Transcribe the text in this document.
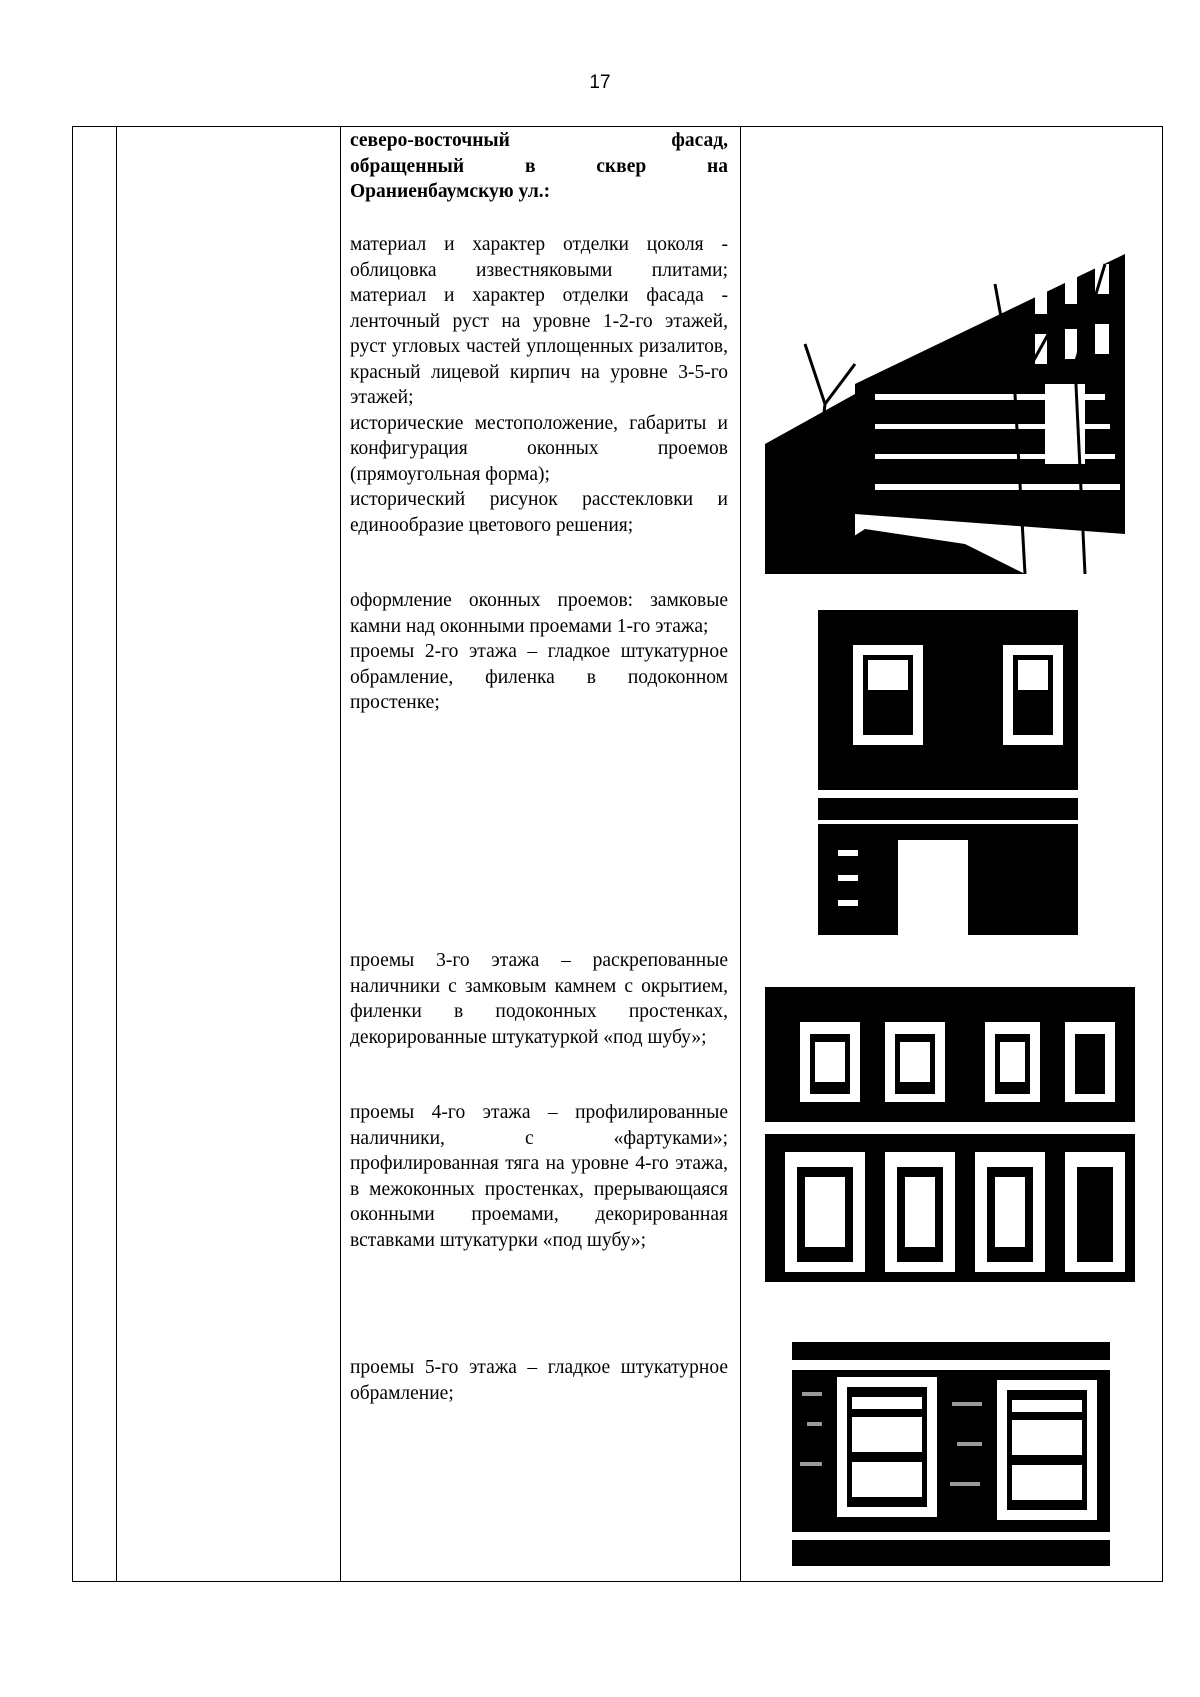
17

северо-восточный фасад,

обращенный в сквер на

Ораниенбаумскую ул.:

материал и характер отделки цоколя - облицовка известняковыми плитами; материал и характер отделки фасада - ленточный руст на уровне 1-2-го этажей, руст угловых частей уплощенных ризалитов, красный лицевой кирпич на уровне 3-5-го этажей;

исторические местоположение, габариты и конфигурация оконных проемов (прямоугольная форма);

исторический рисунок расстекловки и единообразие цветового решения;

оформление оконных проемов: замковые камни над оконными проемами 1-го этажа;

проемы 2-го этажа – гладкое штукатурное обрамление, филенка в подоконном простенке;

проемы 3-го этажа – раскрепованные наличники с замковым камнем с окрытием, филенки в подоконных простенках, декорированные штукатуркой «под шубу»;

проемы 4-го этажа – профилированные наличники, с «фартуками»; профилированная тяга на уровне 4-го этажа, в межоконных простенках, прерывающаяся оконными проемами, декорированная вставками штукатурки «под шубу»;

проемы 5-го этажа – гладкое штукатурное обрамление;
